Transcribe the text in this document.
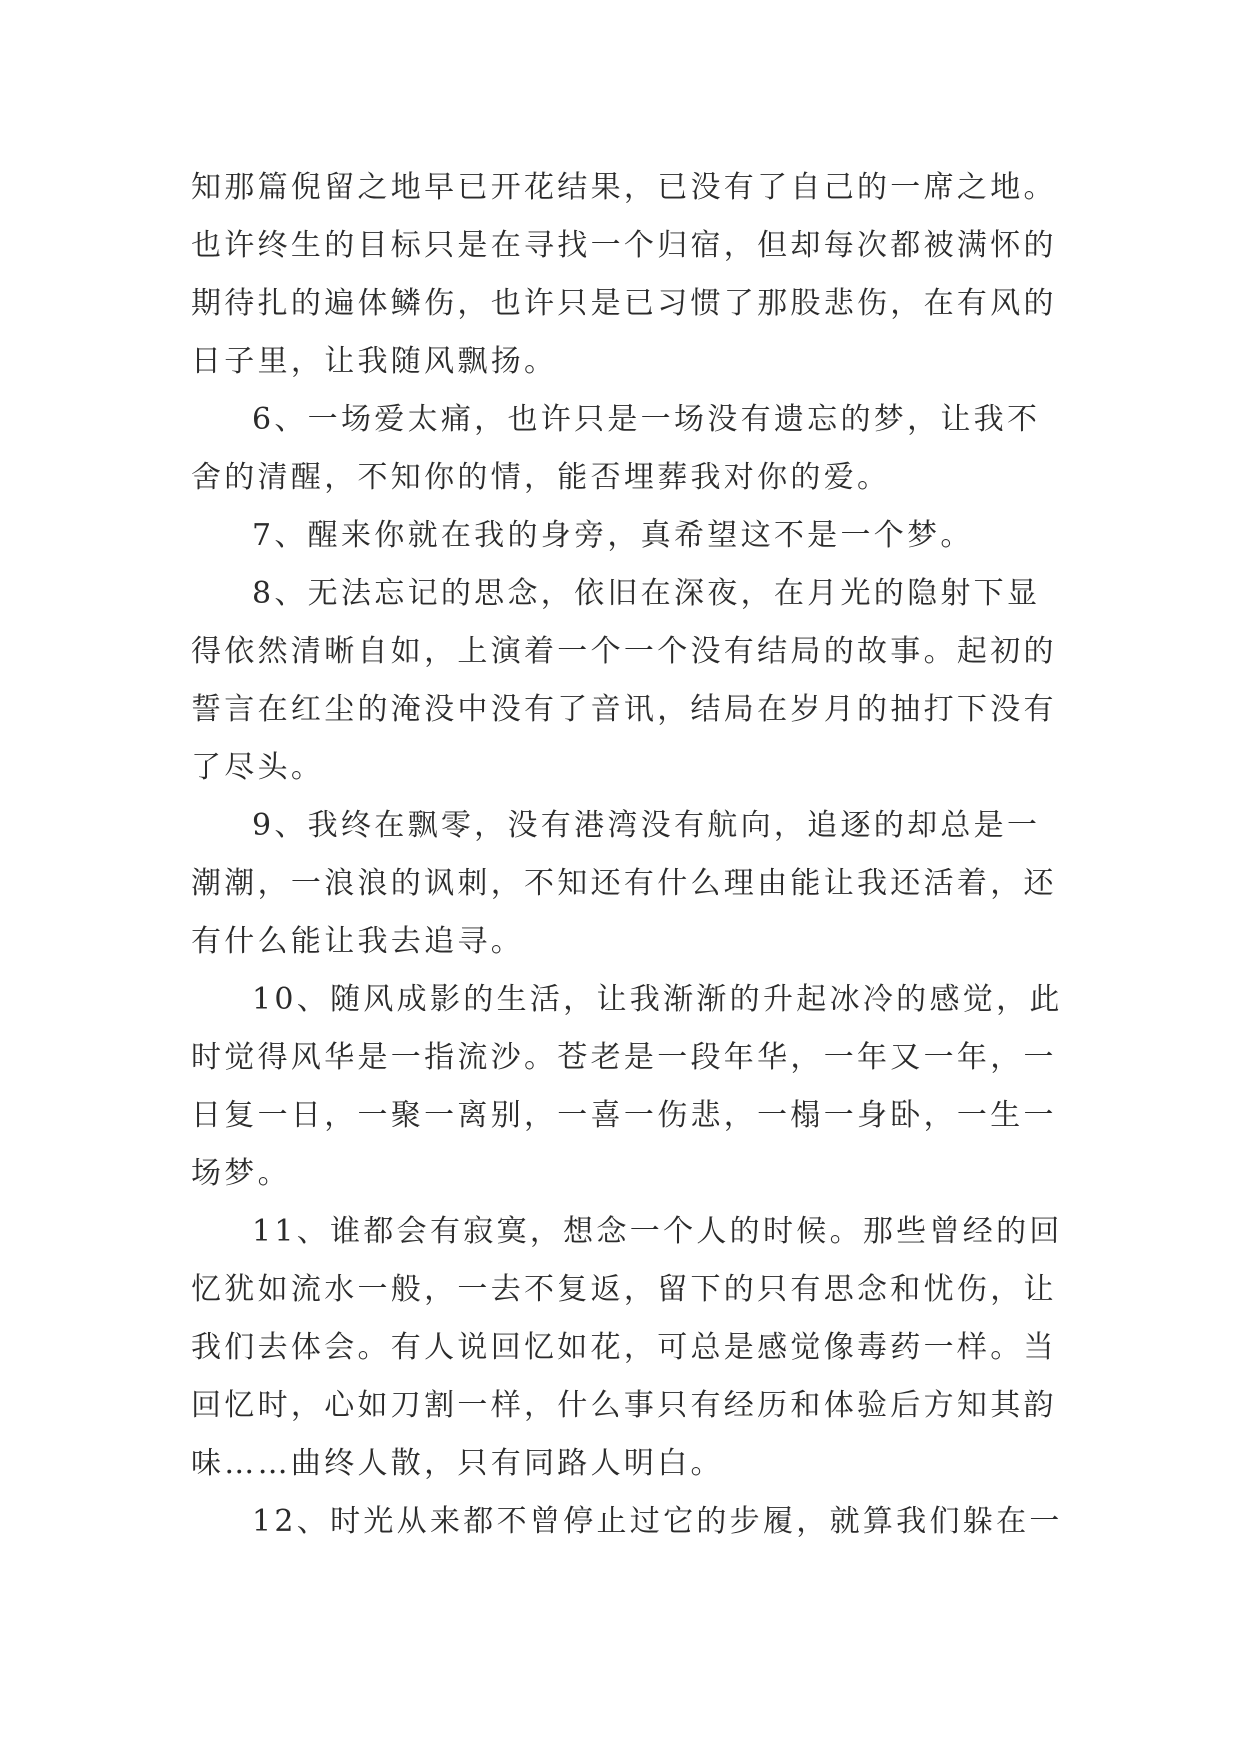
知那篇倪留之地早已开花结果，已没有了自己的一席之地。
也许终生的目标只是在寻找一个归宿，但却每次都被满怀的
期待扎的遍体鳞伤，也许只是已习惯了那股悲伤，在有风的
日子里，让我随风飘扬。
6、一场爱太痛，也许只是一场没有遗忘的梦，让我不
舍的清醒，不知你的情，能否埋葬我对你的爱。
7、醒来你就在我的身旁，真希望这不是一个梦。
8、无法忘记的思念，依旧在深夜，在月光的隐射下显
得依然清晰自如，上演着一个一个没有结局的故事。起初的
誓言在红尘的淹没中没有了音讯，结局在岁月的抽打下没有
了尽头。
9、我终在飘零，没有港湾没有航向，追逐的却总是一
潮潮，一浪浪的讽刺，不知还有什么理由能让我还活着，还
有什么能让我去追寻。
10、随风成影的生活，让我渐渐的升起冰冷的感觉，此
时觉得风华是一指流沙。苍老是一段年华，一年又一年，一
日复一日，一聚一离别，一喜一伤悲，一榻一身卧，一生一
场梦。
11、谁都会有寂寞，想念一个人的时候。那些曾经的回
忆犹如流水一般，一去不复返，留下的只有思念和忧伤，让
我们去体会。有人说回忆如花，可总是感觉像毒药一样。当
回忆时，心如刀割一样，什么事只有经历和体验后方知其韵
味……曲终人散，只有同路人明白。
12、时光从来都不曾停止过它的步履，就算我们躲在一
